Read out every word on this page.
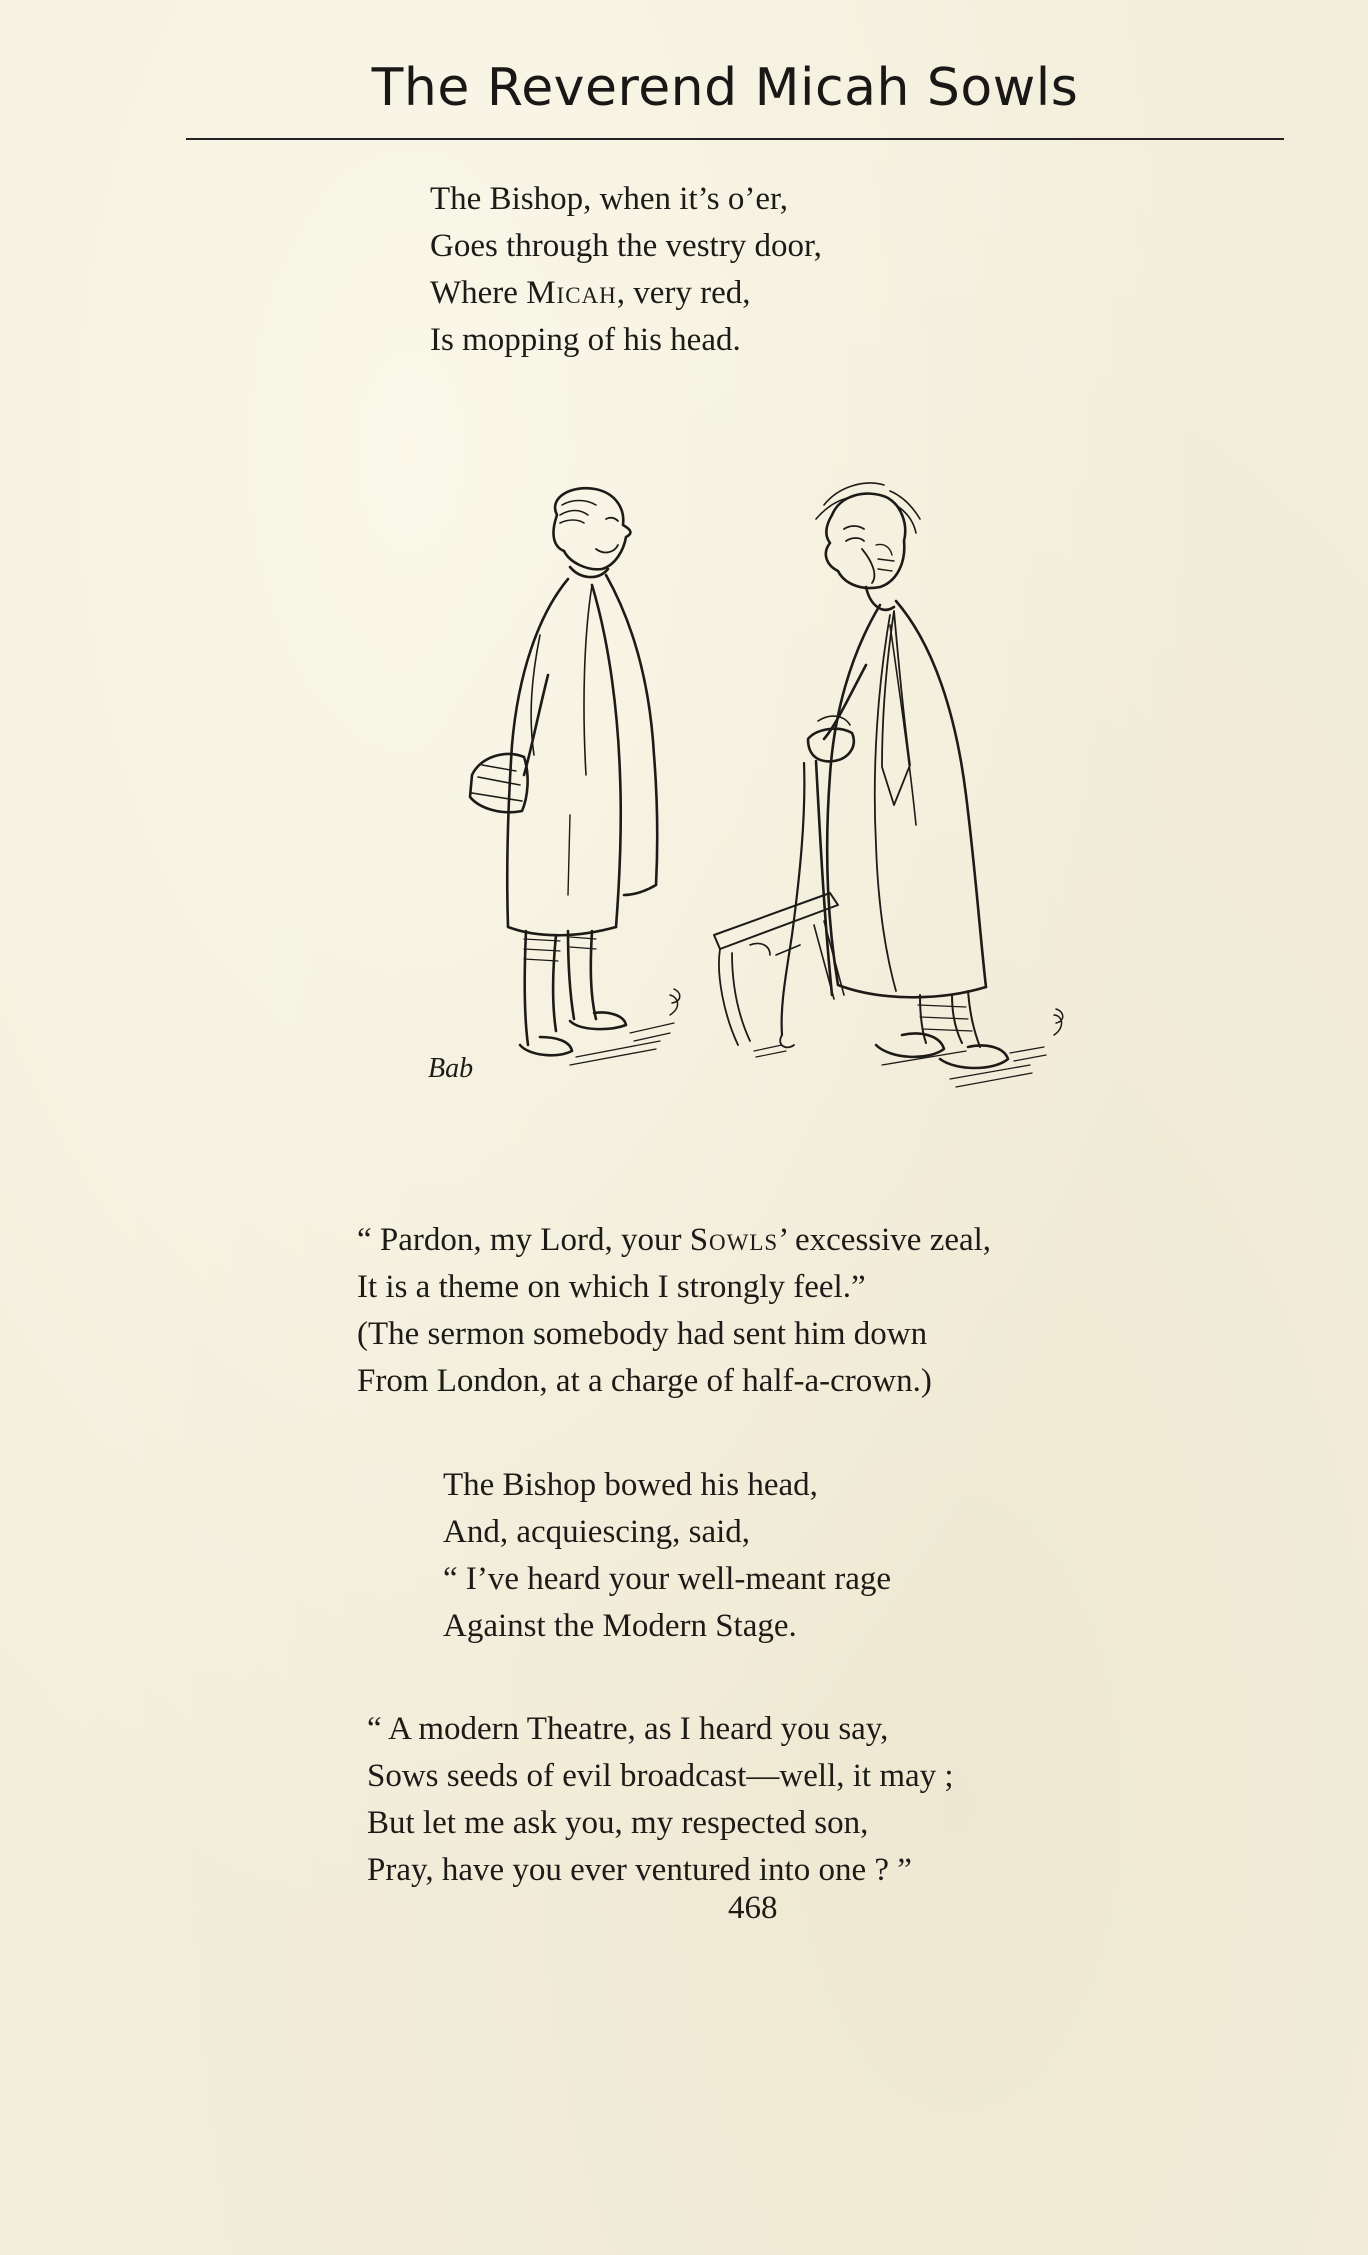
The Reverend Micah Sowls
The Bishop, when it’s o’er,
Goes through the vestry door,
Where Micah, very red,
Is mopping of his head.
Bab
“ Pardon, my Lord, your Sowls’ excessive zeal,
It is a theme on which I strongly feel.”
(The sermon somebody had sent him down
From London, at a charge of half-a-crown.)
The Bishop bowed his head,
And, acquiescing, said,
“ I’ve heard your well-meant rage
Against the Modern Stage.
“ A modern Theatre, as I heard you say,
Sows seeds of evil broadcast—well, it may ;
But let me ask you, my respected son,
Pray, have you ever ventured into one ? ”
468
